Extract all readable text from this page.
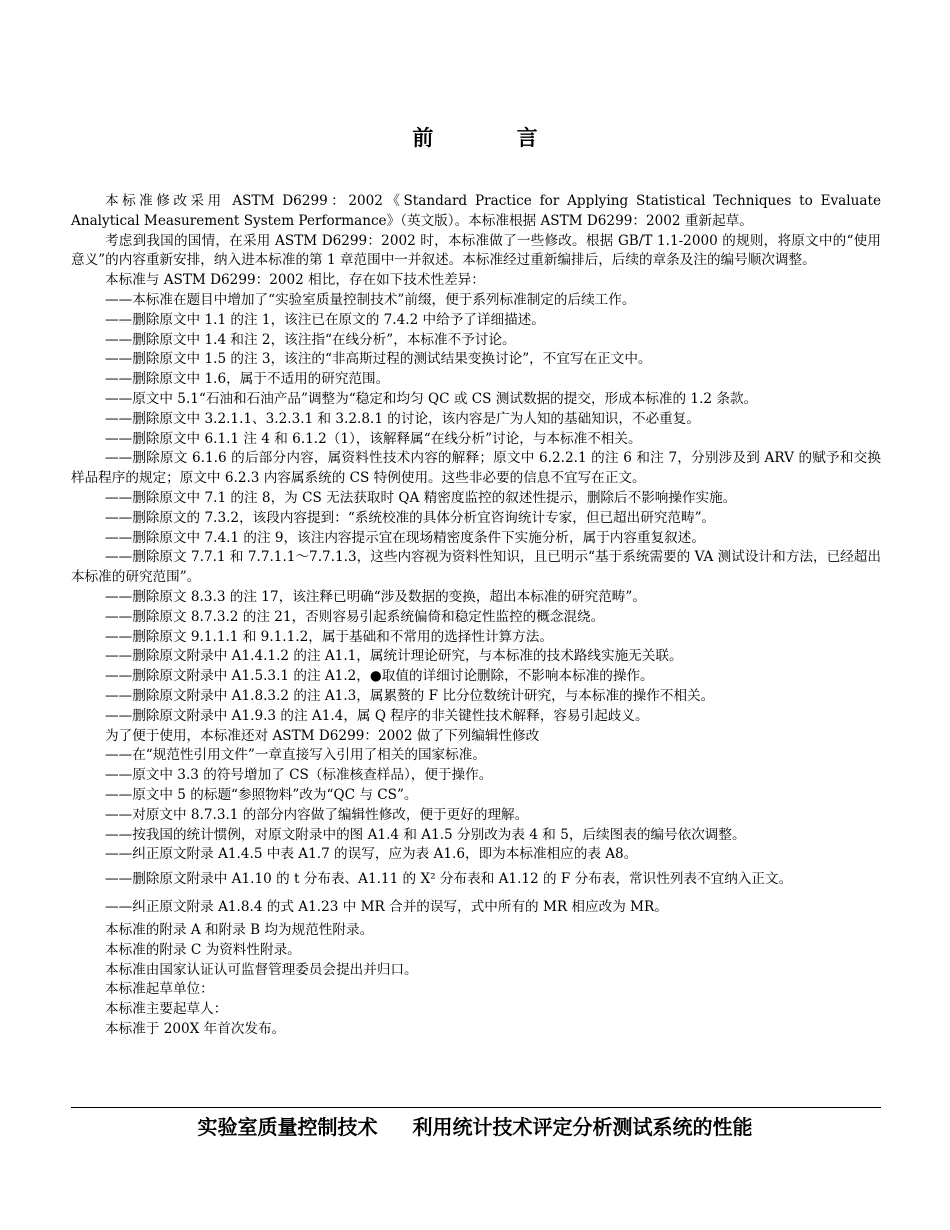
前 言

本标准修改采用 ASTM D6299：2002《Standard Practice for Applying Statistical Techniques to Evaluate Analytical Measurement System Performance》（英文版）。本标准根据 ASTM D6299：2002 重新起草。

考虑到我国的国情，在采用 ASTM D6299：2002 时，本标准做了一些修改。根据 GB/T 1.1-2000 的规则，将原文中的“使用意义”的内容重新安排，纳入进本标准的第 1 章范围中一并叙述。本标准经过重新编排后，后续的章条及注的编号顺次调整。

本标准与 ASTM D6299：2002 相比，存在如下技术性差异：

——本标准在题目中增加了“实验室质量控制技术”前缀，便于系列标准制定的后续工作。

——删除原文中 1.1 的注 1，该注已在原文的 7.4.2 中给予了详细描述。

——删除原文中 1.4 和注 2，该注指“在线分析”，本标准不予讨论。

——删除原文中 1.5 的注 3，该注的“非高斯过程的测试结果变换讨论”，不宜写在正文中。

——删除原文中 1.6，属于不适用的研究范围。

——原文中 5.1“石油和石油产品”调整为“稳定和均匀 QC 或 CS 测试数据的提交，形成本标准的 1.2 条款。

——删除原文中 3.2.1.1、3.2.3.1 和 3.2.8.1 的讨论，该内容是广为人知的基础知识，不必重复。

——删除原文中 6.1.1 注 4 和 6.1.2（1），该解释属“在线分析”讨论，与本标准不相关。

——删除原文 6.1.6 的后部分内容，属资料性技术内容的解释；原文中 6.2.2.1 的注 6 和注 7，分别涉及到 ARV 的赋予和交换样品程序的规定；原文中 6.2.3 内容属系统的 CS 特例使用。这些非必要的信息不宜写在正文。

——删除原文中 7.1 的注 8，为 CS 无法获取时 QA 精密度监控的叙述性提示，删除后不影响操作实施。

——删除原文的 7.3.2，该段内容提到：“系统校准的具体分析宜咨询统计专家，但已超出研究范畴”。

——删除原文中 7.4.1 的注 9，该注内容提示宜在现场精密度条件下实施分析，属于内容重复叙述。

——删除原文 7.7.1 和 7.7.1.1～7.7.1.3，这些内容视为资料性知识，且已明示“基于系统需要的 VA 测试设计和方法，已经超出本标准的研究范围”。

——删除原文 8.3.3 的注 17，该注释已明确“涉及数据的变换，超出本标准的研究范畴”。

——删除原文 8.7.3.2 的注 21，否则容易引起系统偏倚和稳定性监控的概念混绕。

——删除原文 9.1.1.1 和 9.1.1.2，属于基础和不常用的选择性计算方法。

——删除原文附录中 A1.4.1.2 的注 A1.1，属统计理论研究，与本标准的技术路线实施无关联。

——删除原文附录中 A1.5.3.1 的注 A1.2，●取值的详细讨论删除，不影响本标准的操作。

——删除原文附录中 A1.8.3.2 的注 A1.3，属累赘的 F 比分位数统计研究，与本标准的操作不相关。

——删除原文附录中 A1.9.3 的注 A1.4，属 Q 程序的非关键性技术解释，容易引起歧义。

为了便于使用，本标准还对 ASTM D6299：2002 做了下列编辑性修改

——在“规范性引用文件”一章直接写入引用了相关的国家标准。

——原文中 3.3 的符号增加了 CS（标准核查样品），便于操作。

——原文中 5 的标题“参照物料”改为“QC 与 CS”。

——对原文中 8.7.3.1 的部分内容做了编辑性修改，便于更好的理解。

——按我国的统计惯例，对原文附录中的图 A1.4 和 A1.5 分别改为表 4 和 5，后续图表的编号依次调整。

——纠正原文附录 A1.4.5 中表 A1.7 的误写，应为表 A1.6，即为本标准相应的表 A8。

——删除原文附录中 A1.10 的 t 分布表、A1.11 的 X² 分布表和 A1.12 的 F 分布表，常识性列表不宜纳入正文。

——纠正原文附录 A1.8.4 的式 A1.23 中 MR 合并的误写，式中所有的 MR 相应改为 MR。

本标准的附录 A 和附录 B 均为规范性附录。

本标准的附录 C 为资料性附录。

本标准由国家认证认可监督管理委员会提出并归口。

本标准起草单位：

本标准主要起草人：

本标准于 200X 年首次发布。

实验室质量控制技术 利用统计技术评定分析测试系统的性能
